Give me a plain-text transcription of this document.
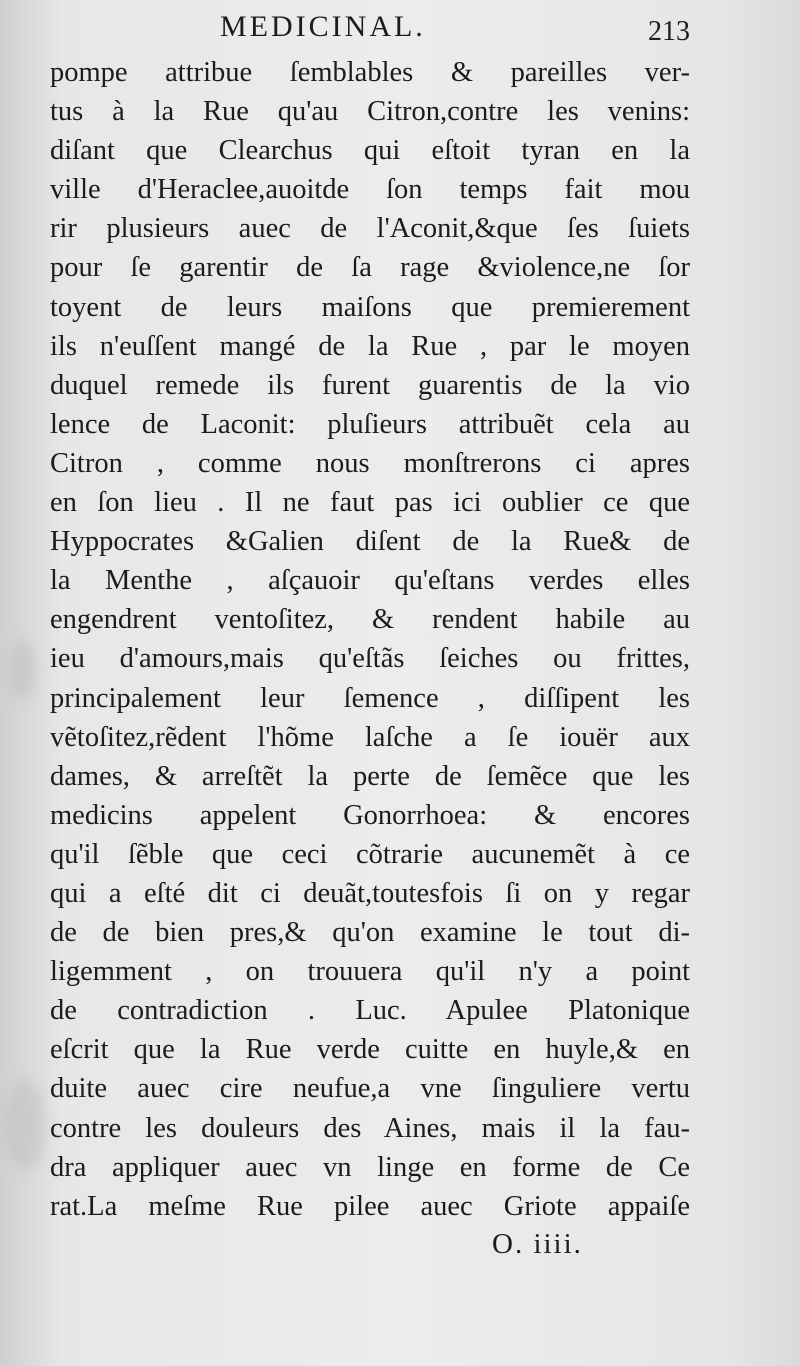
MEDICINAL.	213
pompe attribue ſemblables & pareilles ver-
tus à la Rue qu'au Citron,contre les venins:
diſant que Clearchus qui eſtoit tyran en la
ville d'Heraclee,auoitde ſon temps fait mou
rir plusieurs auec de l'Aconit,&que ſes ſuiets
pour ſe garentir de ſa rage &violence,ne ſor
toyent de leurs maiſons que premierement
ils n'euſſent mangé de la Rue , par le moyen
duquel remede ils furent guarentis de la vio
lence de Laconit: pluſieurs attribuẽt cela au
Citron , comme nous monſtrerons ci apres
en ſon lieu . Il ne faut pas ici oublier ce que
Hyppocrates &Galien diſent de la Rue& de
la Menthe , aſçauoir qu'eſtans verdes elles
engendrent ventoſitez, & rendent habile au
ieu d'amours,mais qu'eſtãs ſeiches ou frittes,
principalement leur ſemence , diſſipent les
vẽtoſitez,rẽdent l'hõme laſche a ſe iouër aux
dames, & arreſtẽt la perte de ſemẽce que les
medicins appelent Gonorrhoea: & encores
qu'il ſẽble que ceci cõtrarie aucunemẽt à ce
qui a eſté dit ci deuãt,toutesfois ſi on y regar
de de bien pres,& qu'on examine le tout di-
ligemment , on trouuera qu'il n'y a point
de contradiction . Luc. Apulee Platonique
eſcrit que la Rue verde cuitte en huyle,& en
duite auec cire neufue,a vne ſinguliere vertu
contre les douleurs des Aines, mais il la fau-
dra appliquer auec vn linge en forme de Ce
rat.La meſme Rue pilee auec Griote appaiſe
O. iiii.
